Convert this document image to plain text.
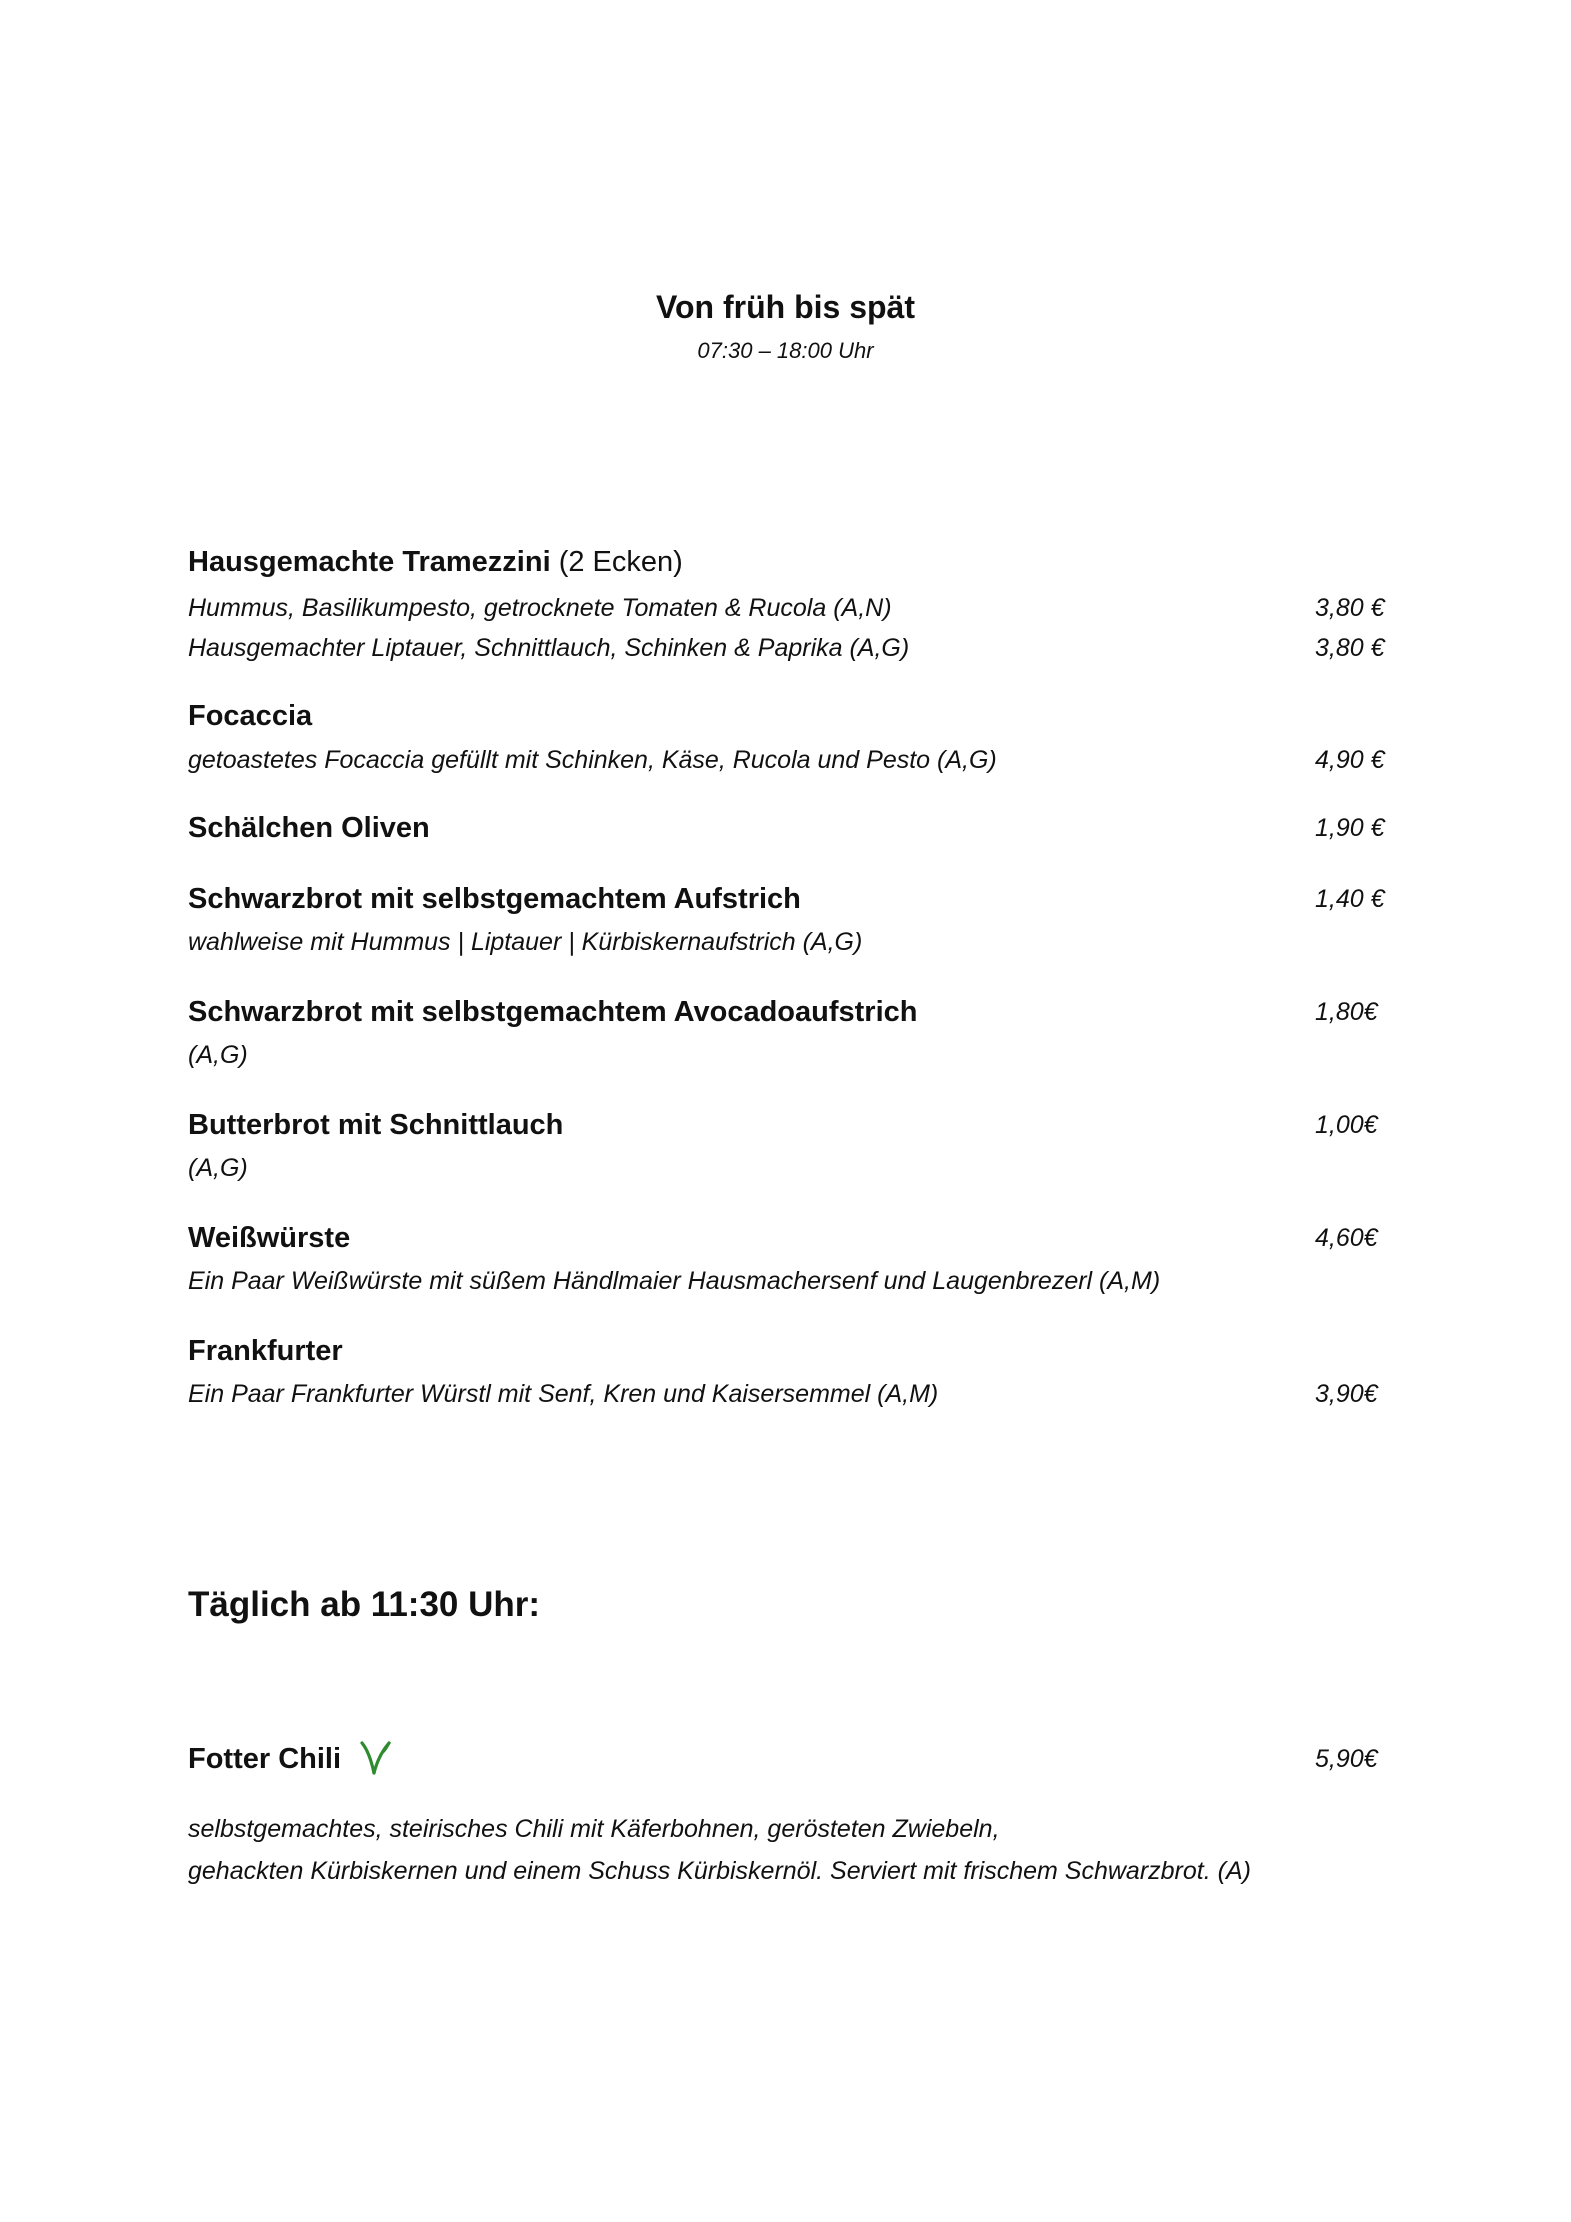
Von früh bis spät
07:30 – 18:00 Uhr
Hausgemachte Tramezzini (2 Ecken)
Hummus, Basilikumpesto, getrocknete Tomaten & Rucola (A,N)	3,80 €
Hausgemachter Liptauer, Schnittlauch, Schinken & Paprika (A,G)	3,80 €
Focaccia
getoastetes Focaccia gefüllt mit Schinken, Käse, Rucola und Pesto (A,G)	4,90 €
Schälchen Oliven	1,90 €
Schwarzbrot mit selbstgemachtem Aufstrich	1,40 €
wahlweise mit Hummus | Liptauer | Kürbiskernaufstrich (A,G)
Schwarzbrot mit selbstgemachtem Avocadoaufstrich	1,80€
(A,G)
Butterbrot mit Schnittlauch	1,00€
(A,G)
Weißwürste	4,60€
Ein Paar Weißwürste mit süßem Händlmaier Hausmachersenf und Laugenbrezerl (A,M)
Frankfurter
Ein Paar Frankfurter Würstl mit Senf, Kren und Kaisersemmel (A,M)	3,90€
Täglich ab 11:30 Uhr:
Fotter Chili	5,90€
selbstgemachtes, steirisches Chili mit Käferbohnen, gerösteten Zwiebeln,
gehackten Kürbiskernen und einem Schuss Kürbiskernöl. Serviert mit frischem Schwarzbrot. (A)
